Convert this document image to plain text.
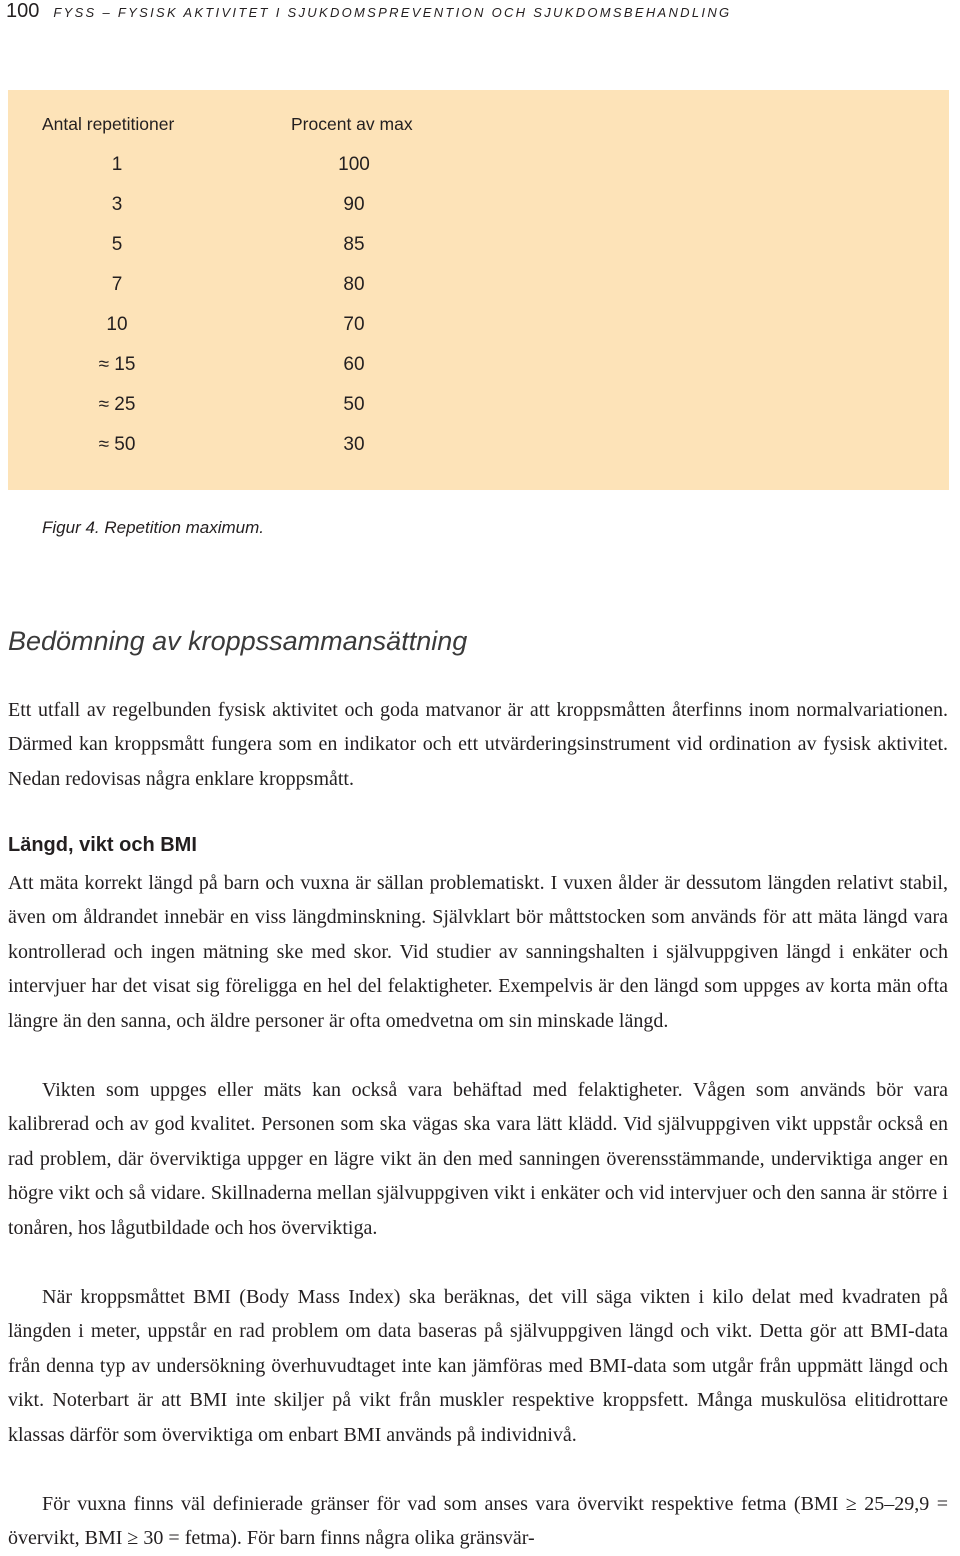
100 FYSS – FYSISK AKTIVITET I SJUKDOMSPREVENTION OCH SJUKDOMSBEHANDLING
Antal repetitioner	Procent av max
1	100
3	90
5	85
7	80
10	70
≈ 15	60
≈ 25	50
≈ 50	30
Figur 4. Repetition maximum.
Bedömning av kroppssammansättning

Ett utfall av regelbunden fysisk aktivitet och goda matvanor är att kroppsmåtten återfinns inom normalvariationen. Därmed kan kroppsmått fungera som en indikator och ett utvärderingsinstrument vid ordination av fysisk aktivitet. Nedan redovisas några enklare kroppsmått.

Längd, vikt och BMI

Att mäta korrekt längd på barn och vuxna är sällan problematiskt. I vuxen ålder är dessutom längden relativt stabil, även om åldrandet innebär en viss längdminskning. Självklart bör måttstocken som används för att mäta längd vara kontrollerad och ingen mätning ske med skor. Vid studier av sanningshalten i självuppgiven längd i enkäter och intervjuer har det visat sig föreligga en hel del felaktigheter. Exempelvis är den längd som uppges av korta män ofta längre än den sanna, och äldre personer är ofta omedvetna om sin minskade längd.

Vikten som uppges eller mäts kan också vara behäftad med felaktigheter. Vågen som används bör vara kalibrerad och av god kvalitet. Personen som ska vägas ska vara lätt klädd. Vid självuppgiven vikt uppstår också en rad problem, där överviktiga uppger en lägre vikt än den med sanningen överensstämmande, underviktiga anger en högre vikt och så vidare. Skillnaderna mellan självuppgiven vikt i enkäter och vid intervjuer och den sanna är större i tonåren, hos lågutbildade och hos överviktiga.

När kroppsmåttet BMI (Body Mass Index) ska beräknas, det vill säga vikten i kilo delat med kvadraten på längden i meter, uppstår en rad problem om data baseras på självuppgiven längd och vikt. Detta gör att BMI-data från denna typ av undersökning överhuvudtaget inte kan jämföras med BMI-data som utgår från uppmätt längd och vikt. Noterbart är att BMI inte skiljer på vikt från muskler respektive kroppsfett. Många muskulösa elitidrottare klassas därför som överviktiga om enbart BMI används på individnivå.

För vuxna finns väl definierade gränser för vad som anses vara övervikt respektive fetma (BMI ≥ 25–29,9 = övervikt, BMI ≥ 30 = fetma). För barn finns några olika gränsvär-
